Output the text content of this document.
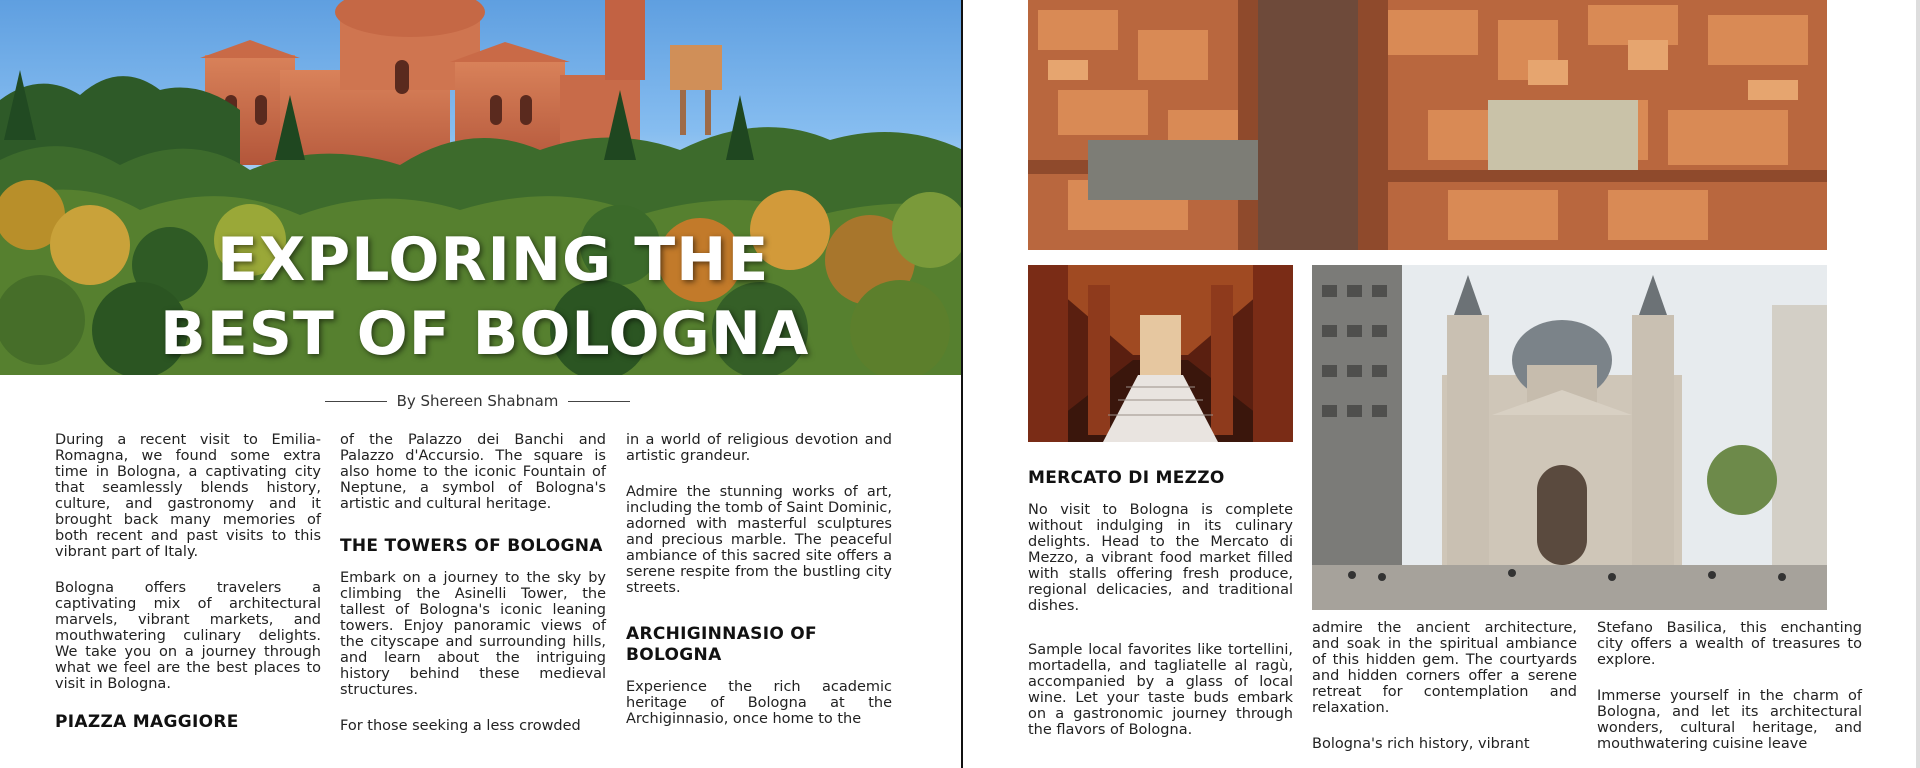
EXPLORING THE
BEST OF BOLOGNA
By Shereen Shabnam

During a recent visit to Emilia-Romagna, we found some extra time in Bologna, a captivating city that seamlessly blends history, culture, and gastronomy and it brought back many memories of both recent and past visits to this vibrant part of Italy.

Bologna offers travelers a captivating mix of architectural marvels, vibrant markets, and mouthwatering culinary delights. We take you on a journey through what we feel are the best places to visit in Bologna.

PIAZZA MAGGIORE

of the Palazzo dei Banchi and Palazzo d'Accursio. The square is also home to the iconic Fountain of Neptune, a symbol of Bologna's artistic and cultural heritage.

THE TOWERS OF BOLOGNA

Embark on a journey to the sky by climbing the Asinelli Tower, the tallest of Bologna's iconic leaning towers. Enjoy panoramic views of the cityscape and surrounding hills, and learn about the intriguing history behind these medieval structures.

For those seeking a less crowded

in a world of religious devotion and artistic grandeur.

Admire the stunning works of art, including the tomb of Saint Dominic, adorned with masterful sculptures and precious marble. The peaceful ambiance of this sacred site offers a serene respite from the bustling city streets.

ARCHIGINNASIO OF BOLOGNA

Experience the rich academic heritage of Bologna at the Archiginnasio, once home to the

MERCATO DI MEZZO

No visit to Bologna is complete without indulging in its culinary delights. Head to the Mercato di Mezzo, a vibrant food market filled with stalls offering fresh produce, regional delicacies, and traditional dishes.

Sample local favorites like tortellini, mortadella, and tagliatelle al ragù, accompanied by a glass of local wine. Let your taste buds embark on a gastronomic journey through the flavors of Bologna.

admire the ancient architecture, and soak in the spiritual ambiance of this hidden gem. The courtyards and hidden corners offer a serene retreat for contemplation and relaxation.

Bologna's rich history, vibrant

Stefano Basilica, this enchanting city offers a wealth of treasures to explore.

Immerse yourself in the charm of Bologna, and let its architectural wonders, cultural heritage, and mouthwatering cuisine leave
